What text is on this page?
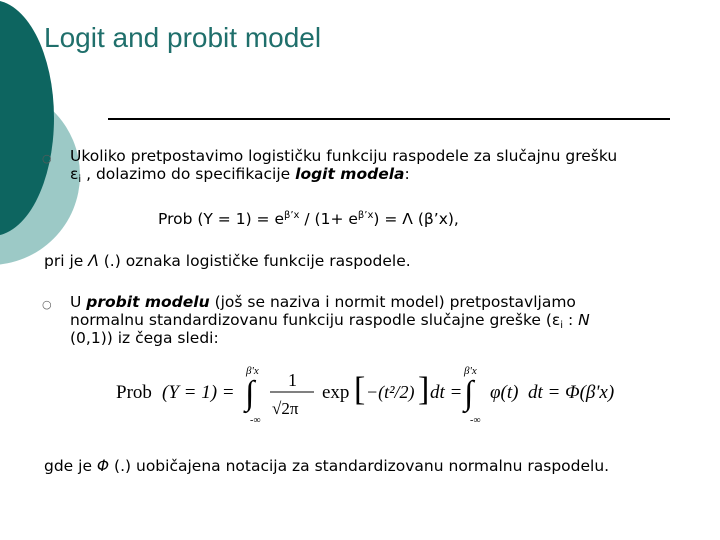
Logit and probit model
○ Ukoliko pretpostavimo logističku funkciju raspodele za slučajnu grešku
$\varepsilon_i$ , dolazimo do specifikacije logit modela:
Prob $(Y = 1) = e^{\beta’x} / (1+ e^{\beta’x}) = \Lambda$ (β’x),
pri je Λ (.) oznaka logističke funkcije raspodele.
○ U probit modelu (još se naziva i normit model) pretpostavljamo
normalnu standardizovanu funkciju raspodle slučajne greške ($\varepsilon_i$ : N
(0,1)) iz čega sledi:
Prob (Y = 1) =
β'x
∫
-∞
1
√2π
exp [ −(t²/2) ] dt =
β'x
∫
-∞
φ(t) dt = Φ(β'x)
gde je Φ (.) uobičajena notacija za standardizovanu normalnu raspodelu.
